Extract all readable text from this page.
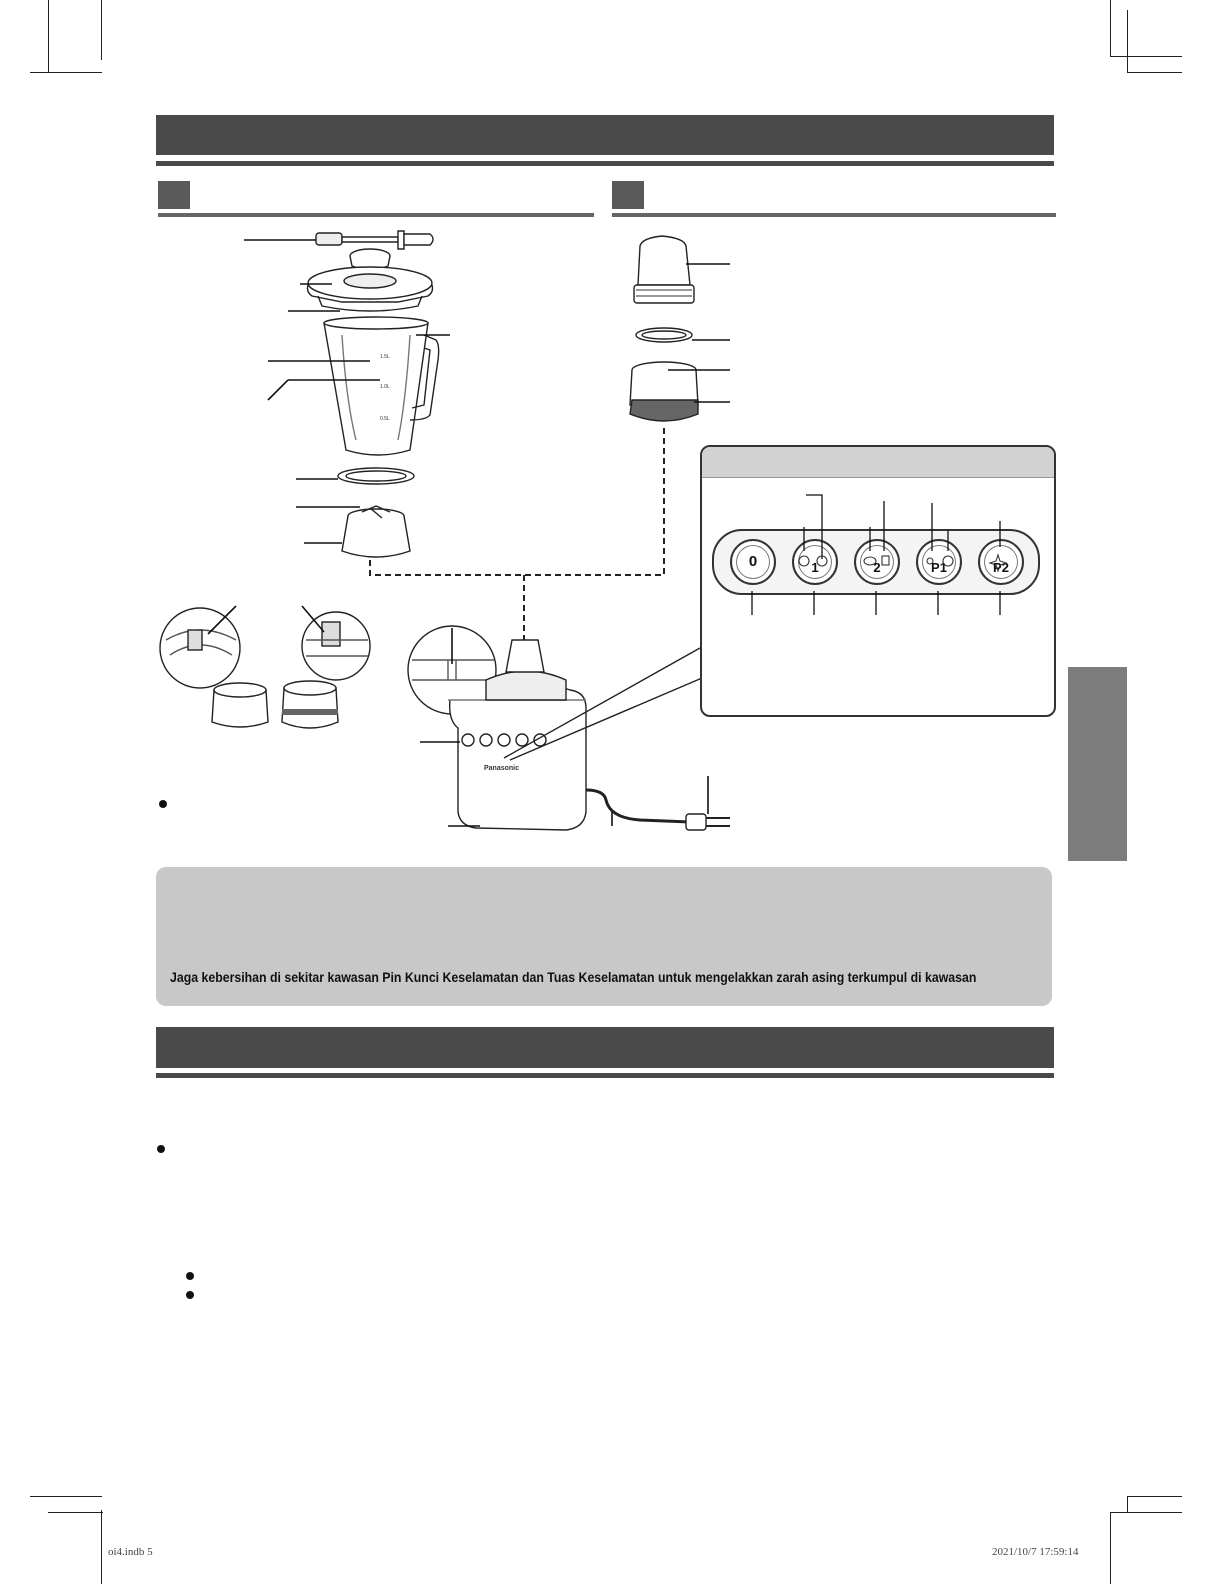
1.5L
1.0L
0.5L
Panasonic
0	1	2	P1	P2
Jaga kebersihan di sekitar kawasan Pin Kunci Keselamatan dan Tuas Keselamatan untuk mengelakkan zarah asing terkumpul di kawasan
oi4.indb 5	2021/10/7 17:59:14
